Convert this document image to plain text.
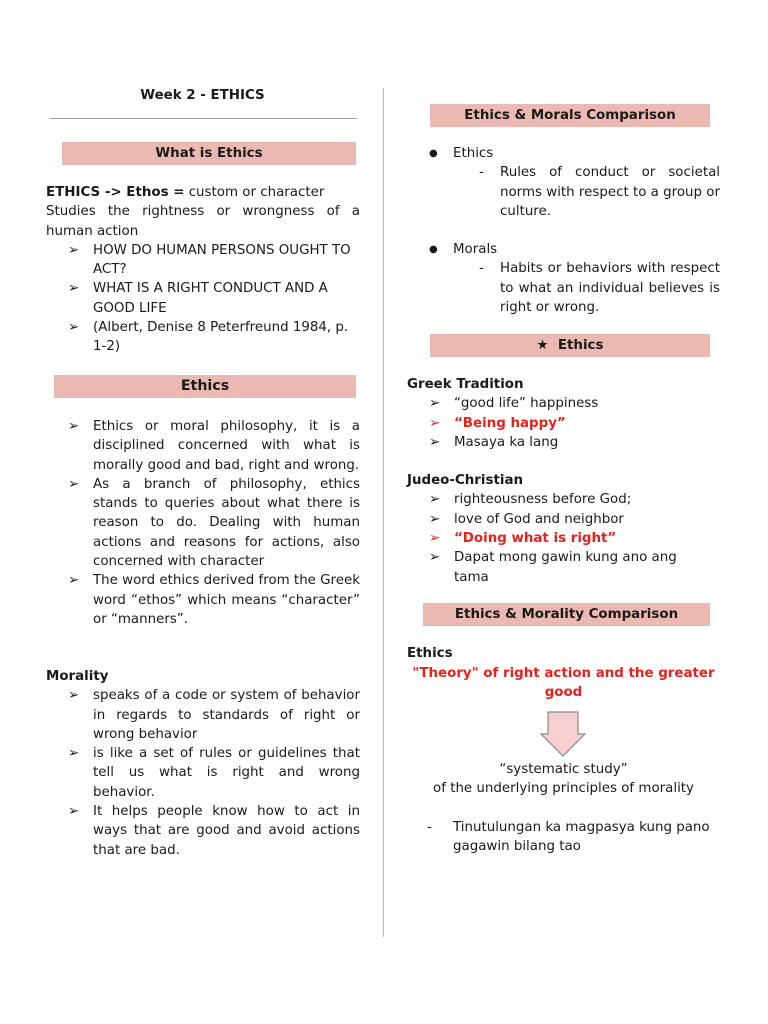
Week 2 - ETHICS
What is Ethics
ETHICS -> Ethos = custom or character
Studies the rightness or wrongness of a human action
➢ HOW DO HUMAN PERSONS OUGHT TO ACT?
➢ WHAT IS A RIGHT CONDUCT AND A GOOD LIFE
➢ (Albert, Denise 8 Peterfreund 1984, p. 1-2)
Ethics
➢ Ethics or moral philosophy, it is a disciplined concerned with what is morally good and bad, right and wrong.
➢ As a branch of philosophy, ethics stands to queries about what there is reason to do. Dealing with human actions and reasons for actions, also concerned with character
➢ The word ethics derived from the Greek word “ethos” which means “character” or “manners”.
Morality
➢ speaks of a code or system of behavior in regards to standards of right or wrong behavior
➢ is like a set of rules or guidelines that tell us what is right and wrong behavior.
➢ It helps people know how to act in ways that are good and avoid actions that are bad.
Ethics & Morals Comparison
● Ethics
- Rules of conduct or societal norms with respect to a group or culture.
● Morals
- Habits or behaviors with respect to what an individual believes is right or wrong.
★ Ethics
Greek Tradition
➢ “good life” happiness
➢ “Being happy”
➢ Masaya ka lang
Judeo-Christian
➢ righteousness before God;
➢ love of God and neighbor
➢ “Doing what is right”
➢ Dapat mong gawin kung ano ang tama
Ethics & Morality Comparison
Ethics
"Theory" of right action and the greater good
“systematic study”
of the underlying principles of morality
- Tinutulungan ka magpasya kung pano gagawin bilang tao
